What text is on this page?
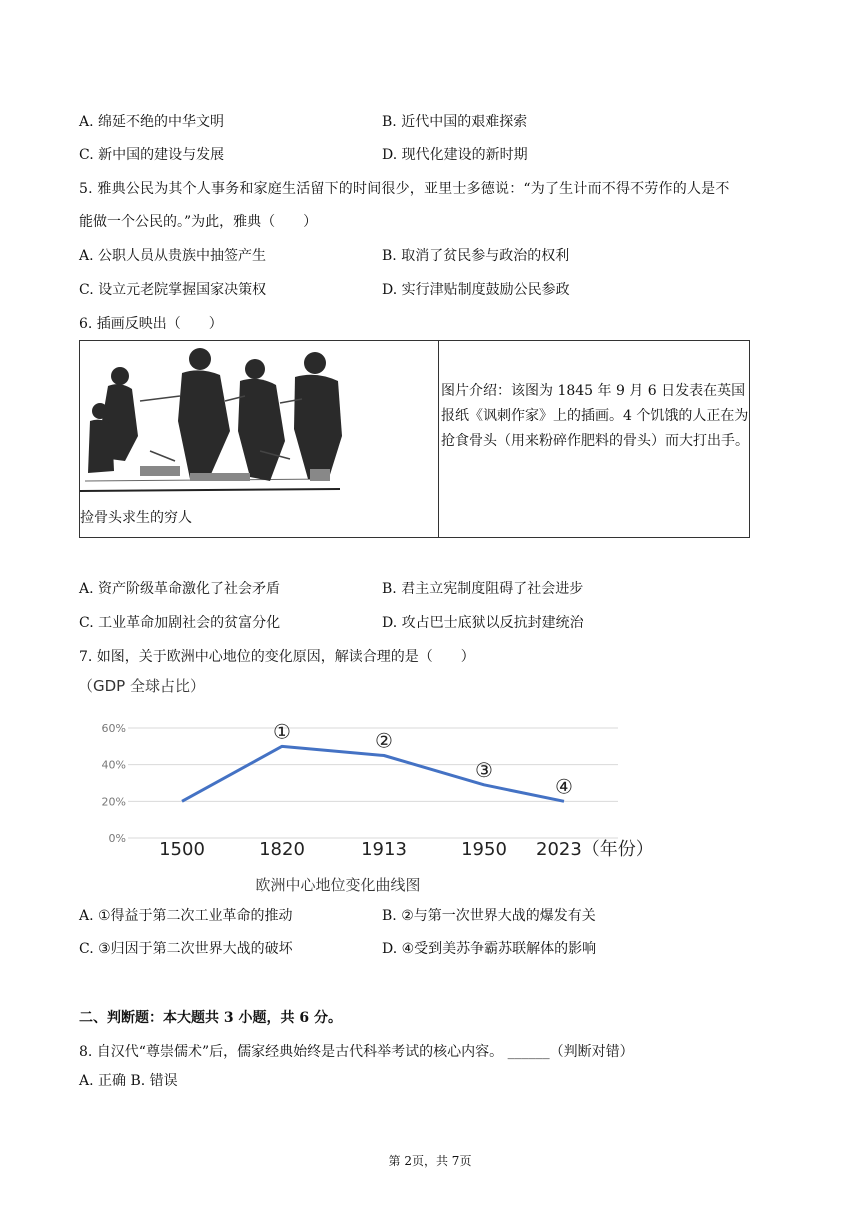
A. 绵延不绝的中华文明	B. 近代中国的艰难探索
C. 新中国的建设与发展	D. 现代化建设的新时期
5. 雅典公民为其个人事务和家庭生活留下的时间很少，亚里士多德说：“为了生计而不得不劳作的人是不
能做一个公民的。”为此，雅典（　　）
A. 公职人员从贵族中抽签产生	B. 取消了贫民参与政治的权利
C. 设立元老院掌握国家决策权	D. 实行津贴制度鼓励公民参政
6. 插画反映出（　　）
捡骨头求生的穷人

图片介绍：该图为 1845 年 9 月 6 日发表在英国报纸《讽刺作家》上的插画。4 个饥饿的人正在为抢食骨头（用来粉碎作肥料的骨头）而大打出手。
A. 资产阶级革命激化了社会矛盾	B. 君主立宪制度阻碍了社会进步
C. 工业革命加剧社会的贫富分化	D. 攻占巴士底狱以反抗封建统治
7. 如图，关于欧洲中心地位的变化原因，解读合理的是（　　）
（GDP 全球占比）
60%
40%
20%
0%
1500	1820	1913	1950 2023（年份）
①	②
③
④
欧洲中心地位变化曲线图
A. ①得益于第二次工业革命的推动	B. ②与第一次世界大战的爆发有关
C. ③归因于第二次世界大战的破坏	D. ④受到美苏争霸苏联解体的影响
二、判断题：本大题共 3 小题，共 6 分。
8. 自汉代“尊崇儒术”后，儒家经典始终是古代科举考试的核心内容。 ______（判断对错）
A. 正确 B. 错误
第 2页，共 7页
